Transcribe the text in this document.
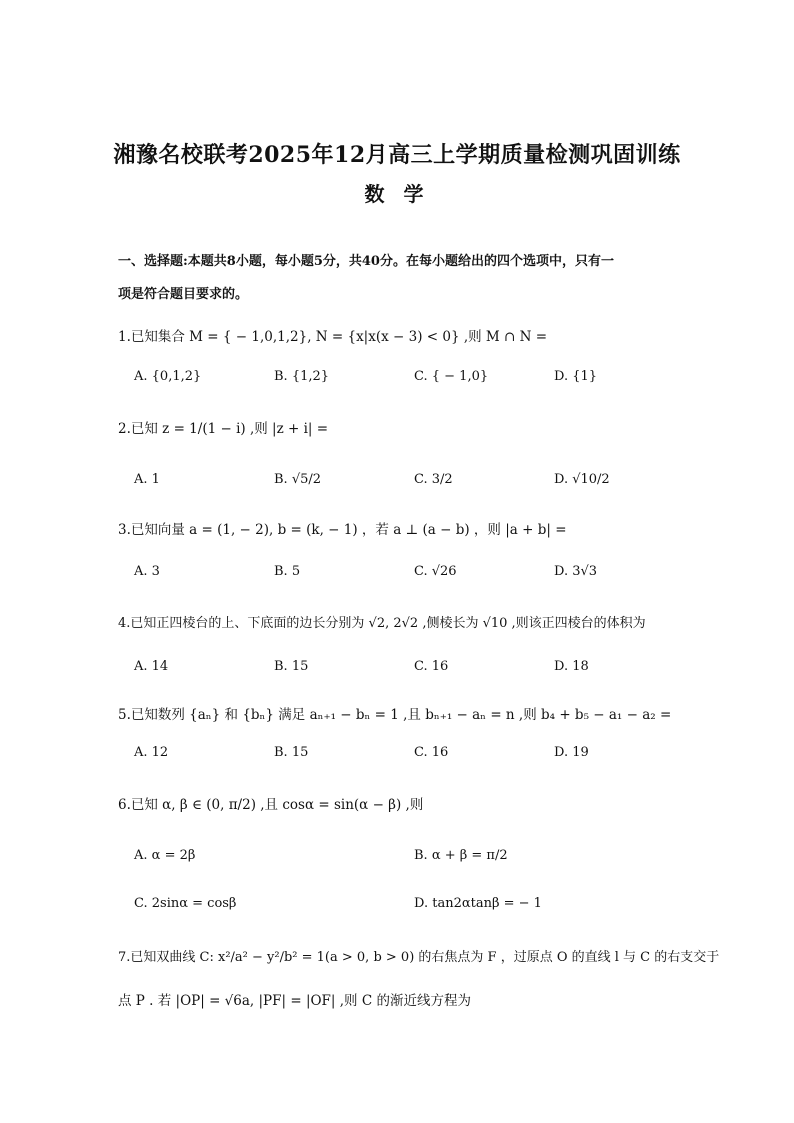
湘豫名校联考2025年12月高三上学期质量检测巩固训练
数 学
一、选择题:本题共8小题，每小题5分，共40分。在每小题给出的四个选项中，只有一
项是符合题目要求的。
1.已知集合 M = { − 1,0,1,2}, N = {x|x(x − 3) < 0} ,则 M ∩ N =
A. {0,1,2}	B. {1,2}	C. { − 1,0}	D. {1}
2.已知 z = 1/(1 − i) ,则 |z + i| =
A. 1	B. √5/2	C. 3/2	D. √10/2
3.已知向量 a = (1, − 2), b = (k, − 1) ，若 a ⊥ (a − b) ，则 |a + b| =
A. 3	B. 5	C. √26	D. 3√3
4.已知正四棱台的上、下底面的边长分别为 √2, 2√2 ,侧棱长为 √10 ,则该正四棱台的体积为
A. 14	B. 15	C. 16	D. 18
5.已知数列 {aₙ} 和 {bₙ} 满足 aₙ₊₁ − bₙ = 1 ,且 bₙ₊₁ − aₙ = n ,则 b₄ + b₅ − a₁ − a₂ =
A. 12	B. 15	C. 16	D. 19
6.已知 α, β ∈ (0, π/2) ,且 cosα = sin(α − β) ,则
A. α = 2β	B. α + β = π/2
C. 2sinα = cosβ	D. tan2αtanβ = − 1
7.已知双曲线 C: x²/a² − y²/b² = 1(a > 0, b > 0) 的右焦点为 F ，过原点 O 的直线 l 与 C 的右支交于
点 P . 若 |OP| = √6a, |PF| = |OF| ,则 C 的渐近线方程为
